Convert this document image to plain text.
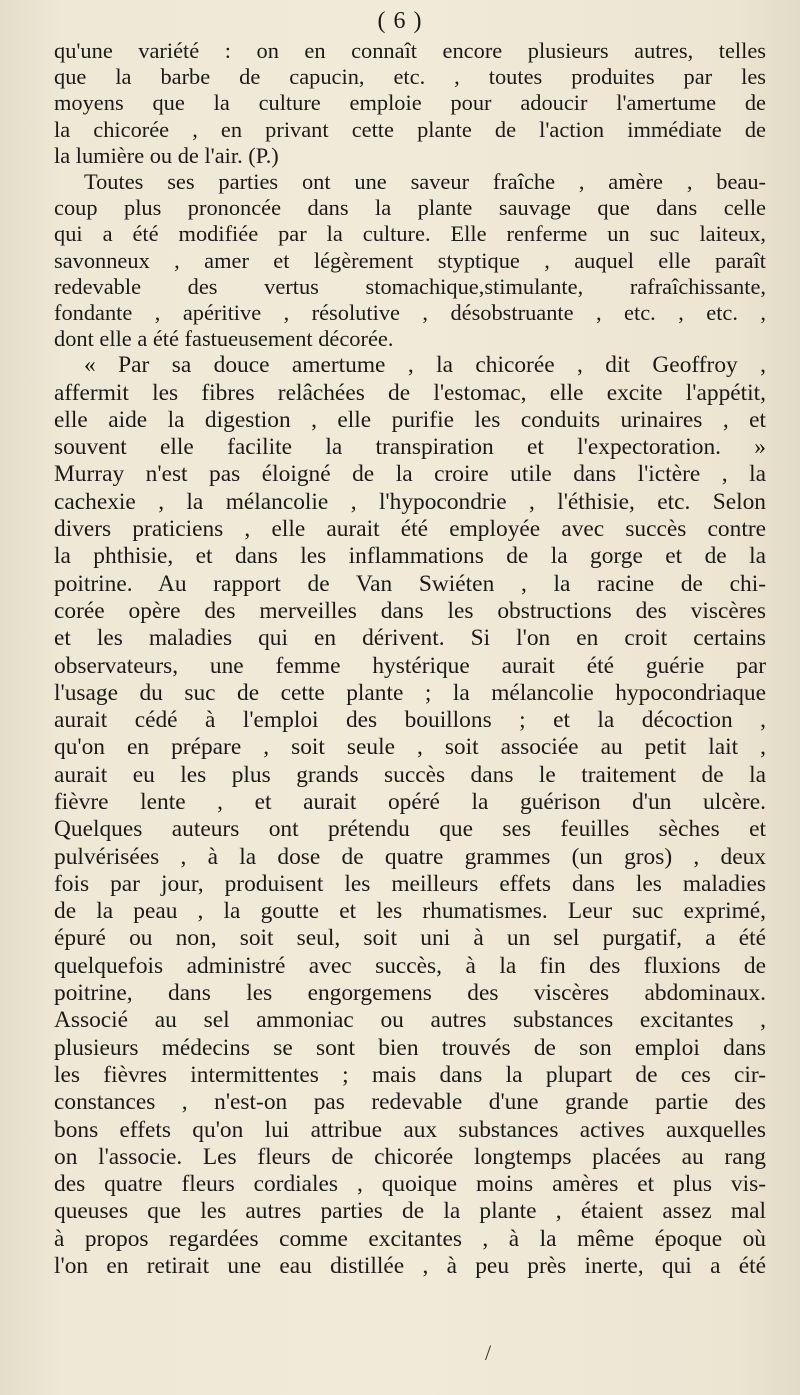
( 6 )
qu'une variété : on en connaît encore plusieurs autres, telles
que la barbe de capucin, etc. , toutes produites par les
moyens que la culture emploie pour adoucir l'amertume de
la chicorée , en privant cette plante de l'action immédiate de
la lumière ou de l'air. (P.)
Toutes ses parties ont une saveur fraîche , amère , beau-
coup plus prononcée dans la plante sauvage que dans celle
qui a été modifiée par la culture. Elle renferme un suc laiteux,
savonneux , amer et légèrement styptique , auquel elle paraît
redevable des vertus stomachique,stimulante, rafraîchissante,
fondante , apéritive , résolutive , désobstruante , etc. , etc. ,
dont elle a été fastueusement décorée.
« Par sa douce amertume , la chicorée , dit Geoffroy ,
affermit les fibres relâchées de l'estomac, elle excite l'appétit,
elle aide la digestion , elle purifie les conduits urinaires , et
souvent elle facilite la transpiration et l'expectoration. »
Murray n'est pas éloigné de la croire utile dans l'ictère , la
cachexie , la mélancolie , l'hypocondrie , l'éthisie, etc. Selon
divers praticiens , elle aurait été employée avec succès contre
la phthisie, et dans les inflammations de la gorge et de la
poitrine. Au rapport de Van Swiéten , la racine de chi-
corée opère des merveilles dans les obstructions des viscères
et les maladies qui en dérivent. Si l'on en croit certains
observateurs, une femme hystérique aurait été guérie par
l'usage du suc de cette plante ; la mélancolie hypocondriaque
aurait cédé à l'emploi des bouillons ; et la décoction ,
qu'on en prépare , soit seule , soit associée au petit lait ,
aurait eu les plus grands succès dans le traitement de la
fièvre lente , et aurait opéré la guérison d'un ulcère.
Quelques auteurs ont prétendu que ses feuilles sèches et
pulvérisées , à la dose de quatre grammes (un gros) , deux
fois par jour, produisent les meilleurs effets dans les maladies
de la peau , la goutte et les rhumatismes. Leur suc exprimé,
épuré ou non, soit seul, soit uni à un sel purgatif, a été
quelquefois administré avec succès, à la fin des fluxions de
poitrine, dans les engorgemens des viscères abdominaux.
Associé au sel ammoniac ou autres substances excitantes ,
plusieurs médecins se sont bien trouvés de son emploi dans
les fièvres intermittentes ; mais dans la plupart de ces cir-
constances , n'est-on pas redevable d'une grande partie des
bons effets qu'on lui attribue aux substances actives auxquelles
on l'associe. Les fleurs de chicorée longtemps placées au rang
des quatre fleurs cordiales , quoique moins amères et plus vis-
queuses que les autres parties de la plante , étaient assez mal
à propos regardées comme excitantes , à la même époque où
l'on en retirait une eau distillée , à peu près inerte, qui a été
/
